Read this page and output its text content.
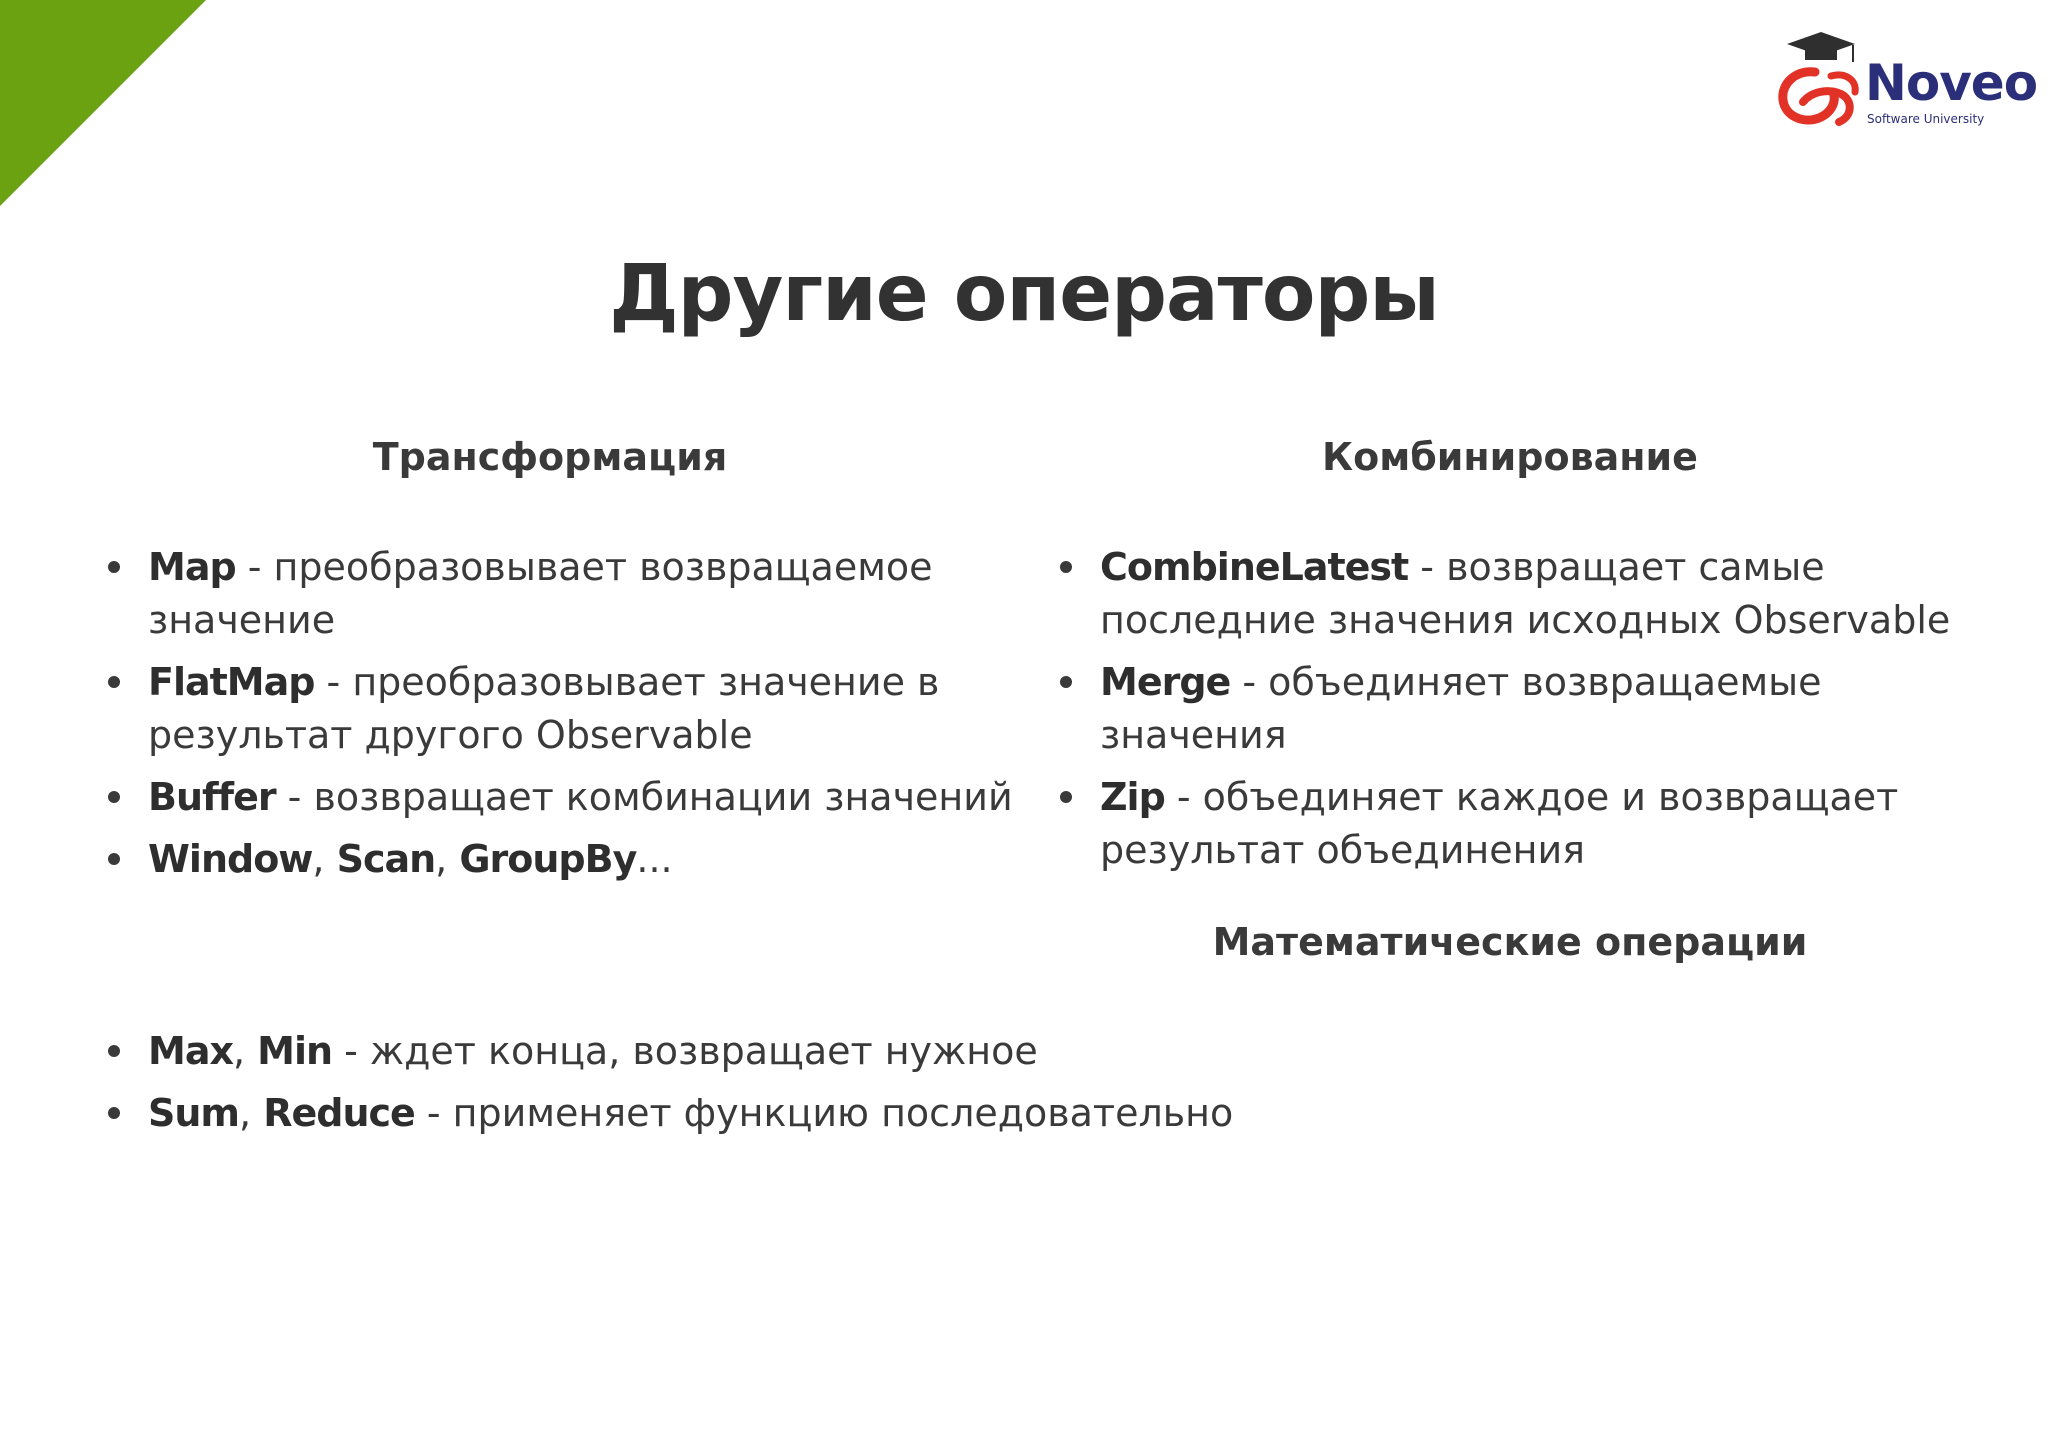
Noveo
Software University
Другие операторы
Трансформация	Комбинирование
Математические операции
Map - преобразовывает возвращаемое значение
FlatMap - преобразовывает значение в результат другого Observable
Buffer - возвращает комбинации значений
Window, Scan, GroupBy...
CombineLatest - возвращает самые последние значения исходных Observable
Merge - объединяет возвращаемые значения
Zip - объединяет каждое и возвращает результат объединения
Max, Min - ждет конца, возвращает нужное
Sum, Reduce - применяет функцию последовательно
